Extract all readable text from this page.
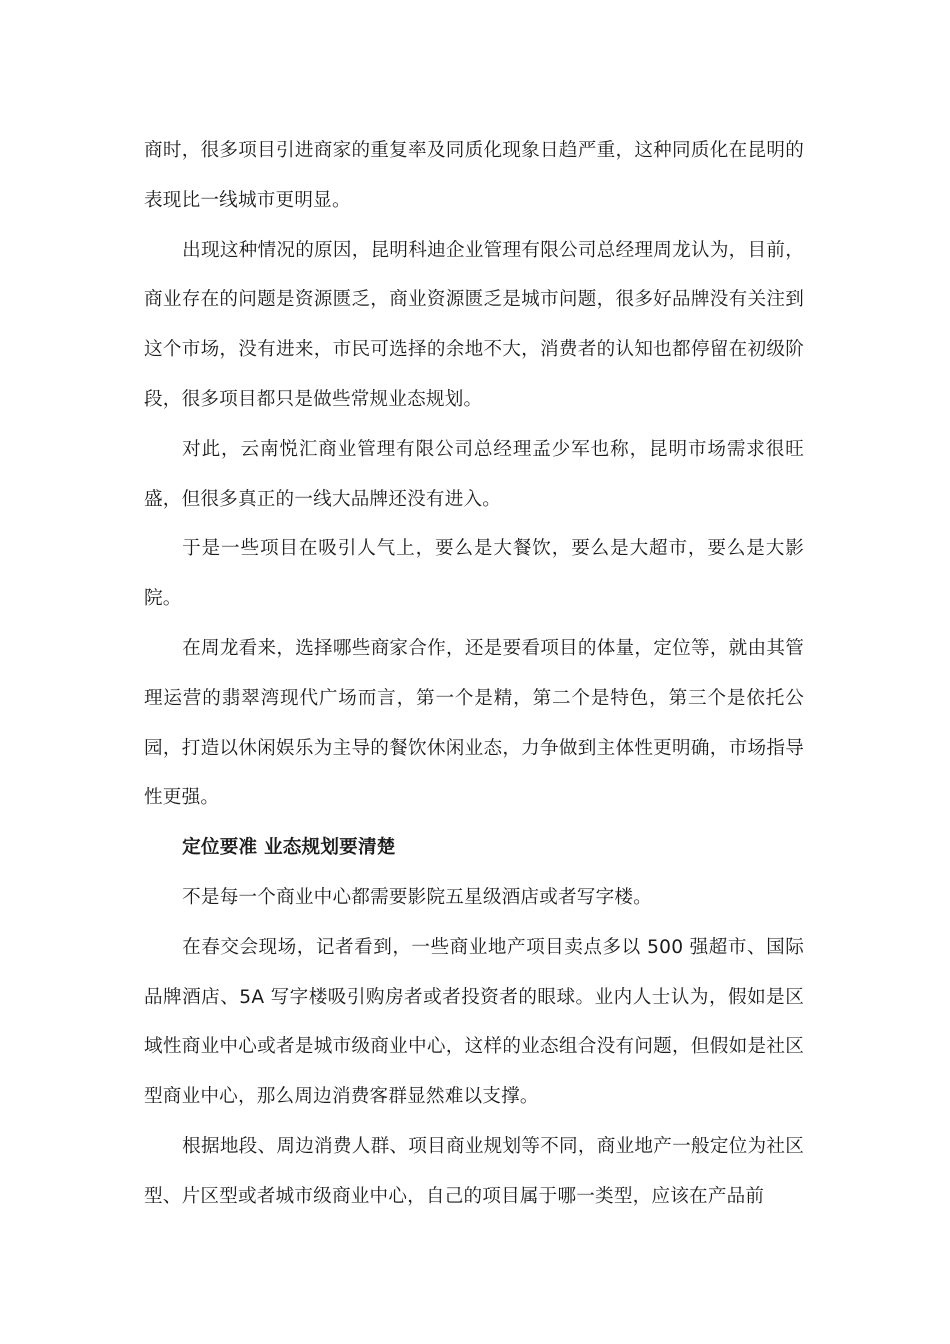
商时，很多项目引进商家的重复率及同质化现象日趋严重，这种同质化在昆明的表现比一线城市更明显。

出现这种情况的原因，昆明科迪企业管理有限公司总经理周龙认为，目前，商业存在的问题是资源匮乏，商业资源匮乏是城市问题，很多好品牌没有关注到这个市场，没有进来，市民可选择的余地不大，消费者的认知也都停留在初级阶段，很多项目都只是做些常规业态规划。

对此，云南悦汇商业管理有限公司总经理孟少军也称，昆明市场需求很旺盛，但很多真正的一线大品牌还没有进入。

于是一些项目在吸引人气上，要么是大餐饮，要么是大超市，要么是大影院。

在周龙看来，选择哪些商家合作，还是要看项目的体量，定位等，就由其管理运营的翡翠湾现代广场而言，第一个是精，第二个是特色，第三个是依托公园，打造以休闲娱乐为主导的餐饮休闲业态，力争做到主体性更明确，市场指导性更强。

定位要准 业态规划要清楚

不是每一个商业中心都需要影院五星级酒店或者写字楼。

在春交会现场，记者看到，一些商业地产项目卖点多以 500 强超市、国际品牌酒店、5A 写字楼吸引购房者或者投资者的眼球。业内人士认为，假如是区域性商业中心或者是城市级商业中心，这样的业态组合没有问题，但假如是社区型商业中心，那么周边消费客群显然难以支撑。

根据地段、周边消费人群、项目商业规划等不同，商业地产一般定位为社区型、片区型或者城市级商业中心，自己的项目属于哪一类型，应该在产品前
